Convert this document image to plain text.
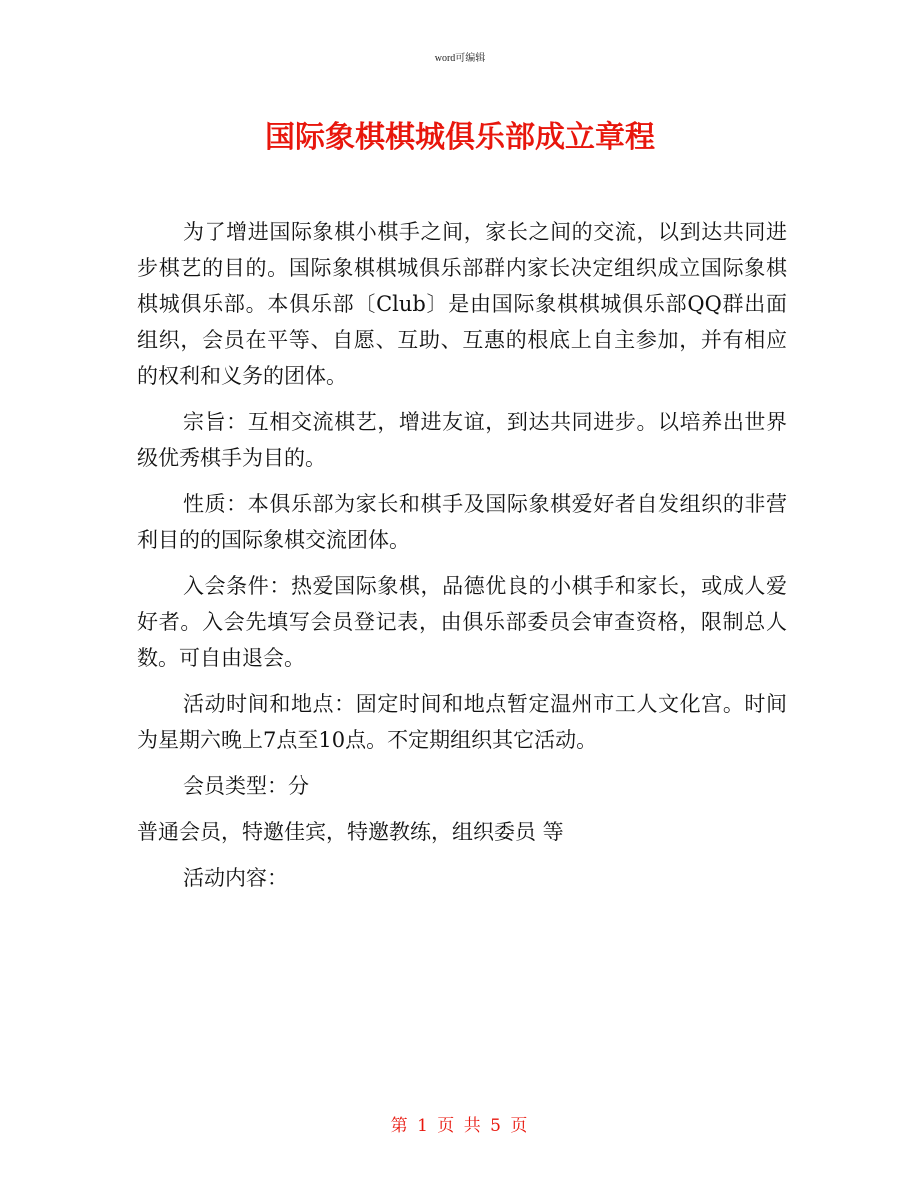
word可编辑
国际象棋棋城俱乐部成立章程

为了增进国际象棋小棋手之间，家长之间的交流，以到达共同进步棋艺的目的。国际象棋棋城俱乐部群内家长决定组织成立国际象棋棋城俱乐部。本俱乐部〔Club〕是由国际象棋棋城俱乐部QQ群出面组织，会员在平等、自愿、互助、互惠的根底上自主参加，并有相应的权利和义务的团体。

宗旨：互相交流棋艺，增进友谊，到达共同进步。以培养出世界级优秀棋手为目的。

性质：本俱乐部为家长和棋手及国际象棋爱好者自发组织的非营利目的的国际象棋交流团体。

入会条件：热爱国际象棋，品德优良的小棋手和家长，或成人爱好者。入会先填写会员登记表，由俱乐部委员会审查资格，限制总人数。可自由退会。

活动时间和地点：固定时间和地点暂定温州市工人文化宫。时间为星期六晚上7点至10点。不定期组织其它活动。

会员类型：分

普通会员，特邀佳宾，特邀教练，组织委员 等

活动内容：

第 1 页 共 5 页
